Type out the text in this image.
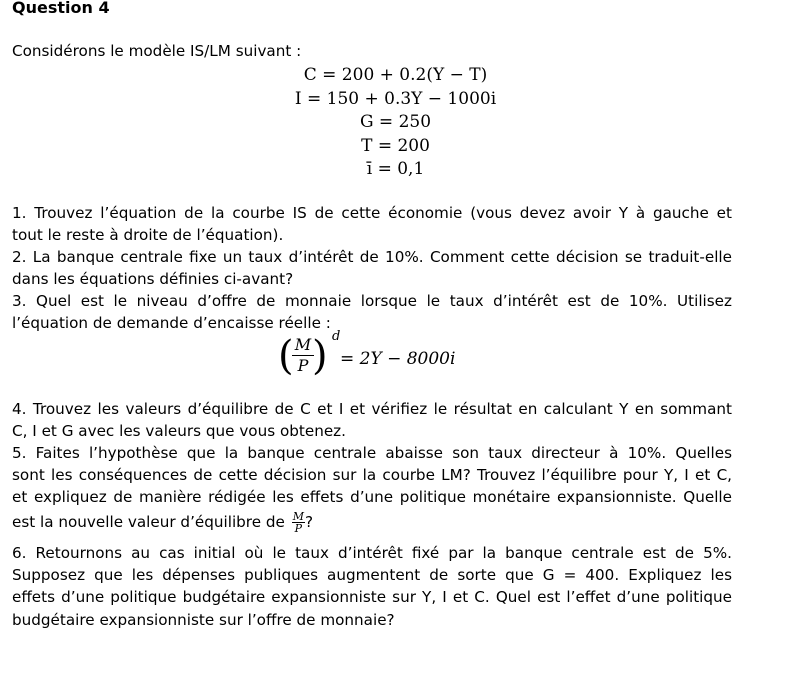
Question 4
Considérons le modèle IS/LM suivant :
C = 200 + 0.2(Y − T)
I = 150 + 0.3Y − 1000i
G = 250
T = 200
ī = 0,1
1. Trouvez l’équation de la courbe IS de cette économie (vous devez avoir Y à gauche et
tout le reste à droite de l’équation).
2. La banque centrale fixe un taux d’intérêt de 10%. Comment cette décision se traduit-elle
dans les équations définies ci-avant?
3. Quel est le niveau d’offre de monnaie lorsque le taux d’intérêt est de 10%. Utilisez
l’équation de demande d’encaisse réelle :
( M
P ) d
= 2Y − 8000i
4. Trouvez les valeurs d’équilibre de C et I et vérifiez le résultat en calculant Y en sommant
C, I et G avec les valeurs que vous obtenez.
5. Faites l’hypothèse que la banque centrale abaisse son taux directeur à 10%. Quelles
sont les conséquences de cette décision sur la courbe LM? Trouvez l’équilibre pour Y, I et C,
et expliquez de manière rédigée les effets d’une politique monétaire expansionniste. Quelle
est la nouvelle valeur d’équilibre de $\frac{M}{P}$ ?
6. Retournons au cas initial où le taux d’intérêt fixé par la banque centrale est de 5%.
Supposez que les dépenses publiques augmentent de sorte que G = 400. Expliquez les
effets d’une politique budgétaire expansionniste sur Y, I et C. Quel est l’effet d’une politique
budgétaire expansionniste sur l’offre de monnaie?
